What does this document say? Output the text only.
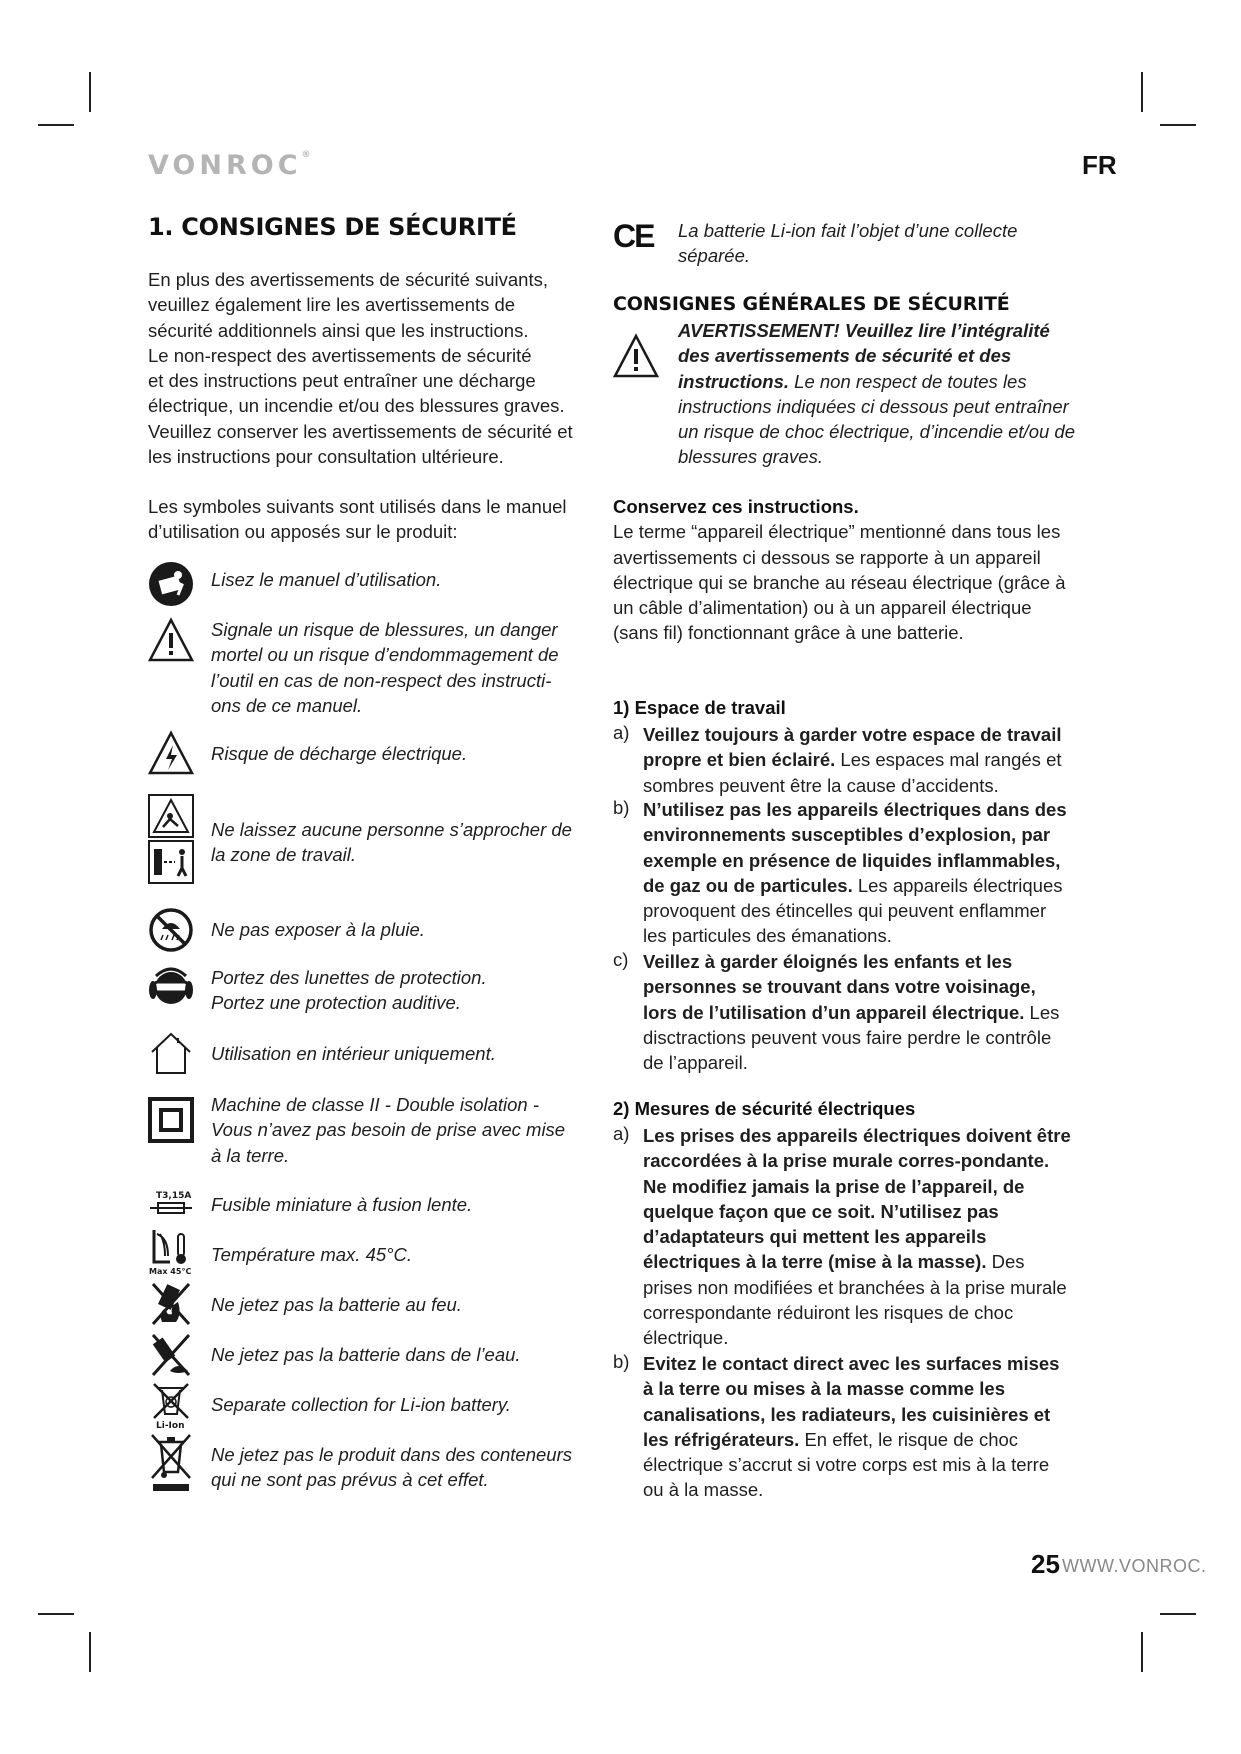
VONROC®	FR
1. CONSIGNES DE SÉCURITÉ
En plus des avertissements de sécurité suivants,
veuillez également lire les avertissements de
sécurité additionnels ainsi que les instructions.
Le non-respect des avertissements de sécurité
et des instructions peut entraîner une décharge
électrique, un incendie et/ou des blessures graves.
Veuillez conserver les avertissements de sécurité et
les instructions pour consultation ultérieure.
Les symboles suivants sont utilisés dans le manuel
d’utilisation ou apposés sur le produit:
Lisez le manuel d’utilisation.
Signale un risque de blessures, un danger
mortel ou un risque d’endommagement de
l’outil en cas de non-respect des instructi-
ons de ce manuel.
Risque de décharge électrique.
Ne laissez aucune personne s’approcher de
la zone de travail.
Ne pas exposer à la pluie.
Portez des lunettes de protection.
Portez une protection auditive.
Utilisation en intérieur uniquement.
Machine de classe II - Double isolation -
Vous n’avez pas besoin de prise avec mise
à la terre.
T3,15A Fusible miniature à fusion lente.
Max 45°C
Température max. 45°C.
Ne jetez pas la batterie au feu.
Ne jetez pas la batterie dans de l’eau.
Li-Ion
Separate collection for Li-ion battery.
Ne jetez pas le produit dans des conteneurs
qui ne sont pas prévus à cet effet.
CE La batterie Li-ion fait l’objet d’une collecte
séparée.
CONSIGNES GÉNÉRALES DE SÉCURITÉ
AVERTISSEMENT! Veuillez lire l’intégralité des avertissements de sécurité et des instructions. Le non respect de toutes les instructions indiquées ci dessous peut entraîner un risque de choc électrique, d’incendie et/ou de blessures graves.
Conservez ces instructions.
Le terme “appareil électrique” mentionné dans tous les avertissements ci dessous se rapporte à un appareil électrique qui se branche au réseau électrique (grâce à un câble d’alimentation) ou à un appareil électrique (sans fil) fonctionnant grâce à une batterie.
1) Espace de travail
a) Veillez toujours à garder votre espace de travail propre et bien éclairé. Les espaces mal rangés et sombres peuvent être la cause d’accidents.
b) N’utilisez pas les appareils électriques dans des environnements susceptibles d’explosion, par exemple en présence de liquides inflammables, de gaz ou de particules. Les appareils électriques provoquent des étincelles qui peuvent enflammer les particules des émanations.
c) Veillez à garder éloignés les enfants et les personnes se trouvant dans votre voisinage, lors de l’utilisation d’un appareil électrique. Les disctractions peuvent vous faire perdre le contrôle de l’appareil.
2) Mesures de sécurité électriques
a) Les prises des appareils électriques doivent être raccordées à la prise murale corres-pondante. Ne modifiez jamais la prise de l’appareil, de quelque façon que ce soit. N’utilisez pas d’adaptateurs qui mettent les appareils électriques à la terre (mise à la masse). Des prises non modifiées et branchées à la prise murale correspondante réduiront les risques de choc électrique.
b) Evitez le contact direct avec les surfaces mises à la terre ou mises à la masse comme les canalisations, les radiateurs, les cuisinières et les réfrigérateurs. En effet, le risque de choc électrique s’accrut si votre corps est mis à la terre ou à la masse.
25 WWW.VONROC.
